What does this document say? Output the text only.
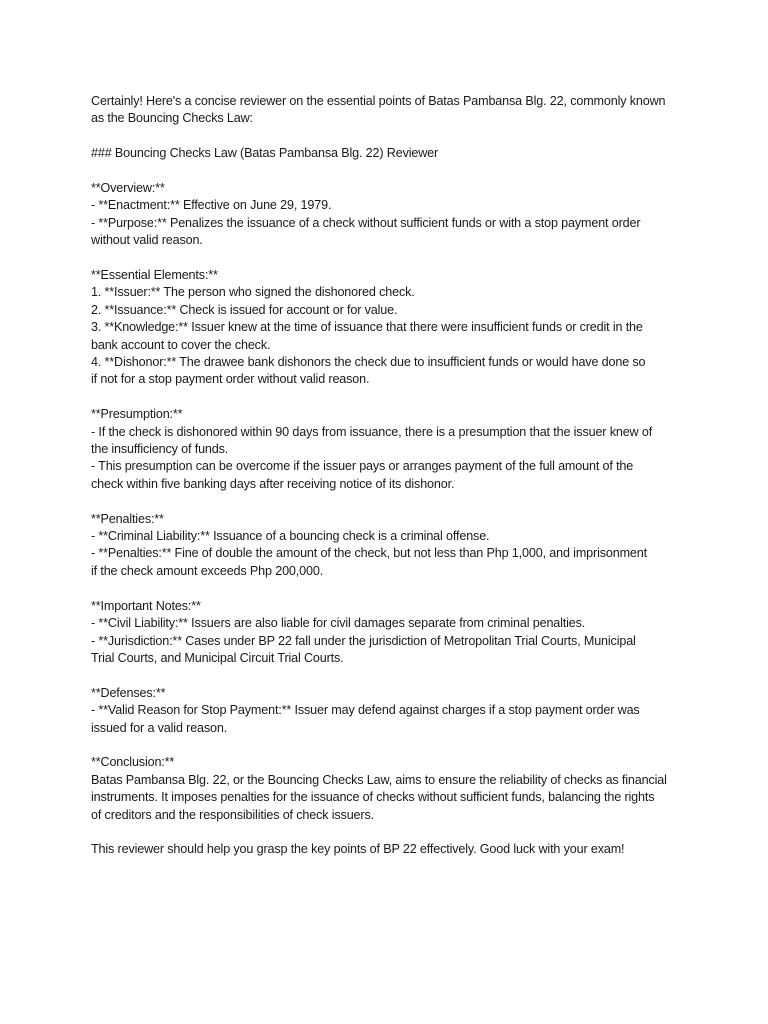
Certainly! Here's a concise reviewer on the essential points of Batas Pambansa Blg. 22, commonly known
as the Bouncing Checks Law:
### Bouncing Checks Law (Batas Pambansa Blg. 22) Reviewer
**Overview:**
- **Enactment:** Effective on June 29, 1979.
- **Purpose:** Penalizes the issuance of a check without sufficient funds or with a stop payment order
without valid reason.
**Essential Elements:**
1. **Issuer:** The person who signed the dishonored check.
2. **Issuance:** Check is issued for account or for value.
3. **Knowledge:** Issuer knew at the time of issuance that there were insufficient funds or credit in the
bank account to cover the check.
4. **Dishonor:** The drawee bank dishonors the check due to insufficient funds or would have done so
if not for a stop payment order without valid reason.
**Presumption:**
- If the check is dishonored within 90 days from issuance, there is a presumption that the issuer knew of
the insufficiency of funds.
- This presumption can be overcome if the issuer pays or arranges payment of the full amount of the
check within five banking days after receiving notice of its dishonor.
**Penalties:**
- **Criminal Liability:** Issuance of a bouncing check is a criminal offense.
- **Penalties:** Fine of double the amount of the check, but not less than Php 1,000, and imprisonment
if the check amount exceeds Php 200,000.
**Important Notes:**
- **Civil Liability:** Issuers are also liable for civil damages separate from criminal penalties.
- **Jurisdiction:** Cases under BP 22 fall under the jurisdiction of Metropolitan Trial Courts, Municipal
Trial Courts, and Municipal Circuit Trial Courts.
**Defenses:**
- **Valid Reason for Stop Payment:** Issuer may defend against charges if a stop payment order was
issued for a valid reason.
**Conclusion:**
Batas Pambansa Blg. 22, or the Bouncing Checks Law, aims to ensure the reliability of checks as financial
instruments. It imposes penalties for the issuance of checks without sufficient funds, balancing the rights
of creditors and the responsibilities of check issuers.
This reviewer should help you grasp the key points of BP 22 effectively. Good luck with your exam!
